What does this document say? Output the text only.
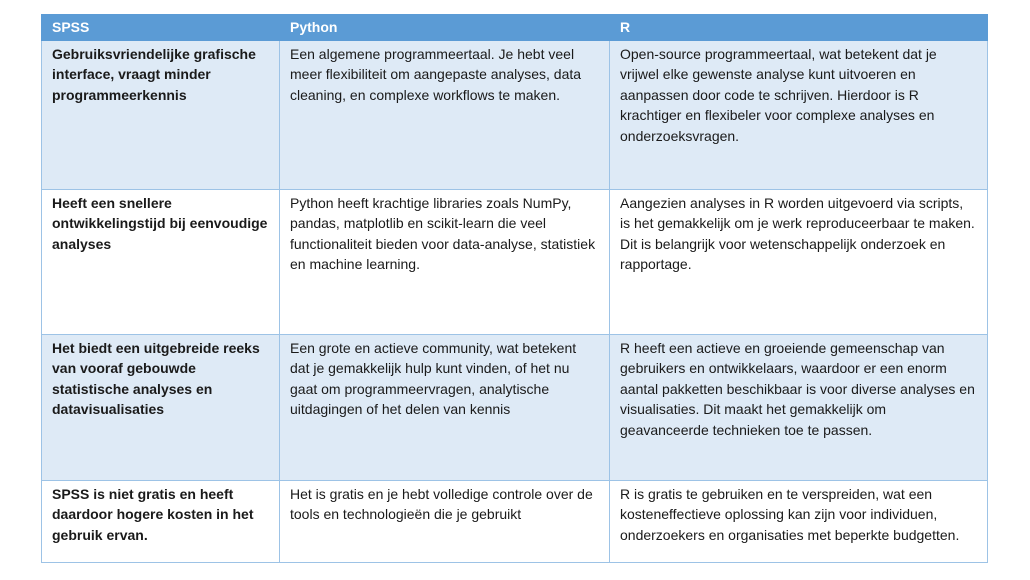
SPSS	Python	R
Gebruiksvriendelijke grafische interface, vraagt minder programmeerkennis	Een algemene programmeertaal. Je hebt veel meer flexibiliteit om aangepaste analyses, data cleaning, en complexe workflows te maken.	Open-source programmeertaal, wat betekent dat je vrijwel elke gewenste analyse kunt uitvoeren en aanpassen door code te schrijven. Hierdoor is R krachtiger en flexibeler voor complexe analyses en onderzoeksvragen.
Heeft een snellere ontwikkelingstijd bij eenvoudige analyses	Python heeft krachtige libraries zoals NumPy, pandas, matplotlib en scikit-learn die veel functionaliteit bieden voor data-analyse, statistiek en machine learning.	Aangezien analyses in R worden uitgevoerd via scripts, is het gemakkelijk om je werk reproduceerbaar te maken. Dit is belangrijk voor wetenschappelijk onderzoek en rapportage.
Het biedt een uitgebreide reeks van vooraf gebouwde statistische analyses en datavisualisaties	Een grote en actieve community, wat betekent dat je gemakkelijk hulp kunt vinden, of het nu gaat om programmeervragen, analytische uitdagingen of het delen van kennis	R heeft een actieve en groeiende gemeenschap van gebruikers en ontwikkelaars, waardoor er een enorm aantal pakketten beschikbaar is voor diverse analyses en visualisaties. Dit maakt het gemakkelijk om geavanceerde technieken toe te passen.
SPSS is niet gratis en heeft daardoor hogere kosten in het gebruik ervan.	Het is gratis en je hebt volledige controle over de tools en technologieën die je gebruikt	R is gratis te gebruiken en te verspreiden, wat een kosteneffectieve oplossing kan zijn voor individuen, onderzoekers en organisaties met beperkte budgetten.
